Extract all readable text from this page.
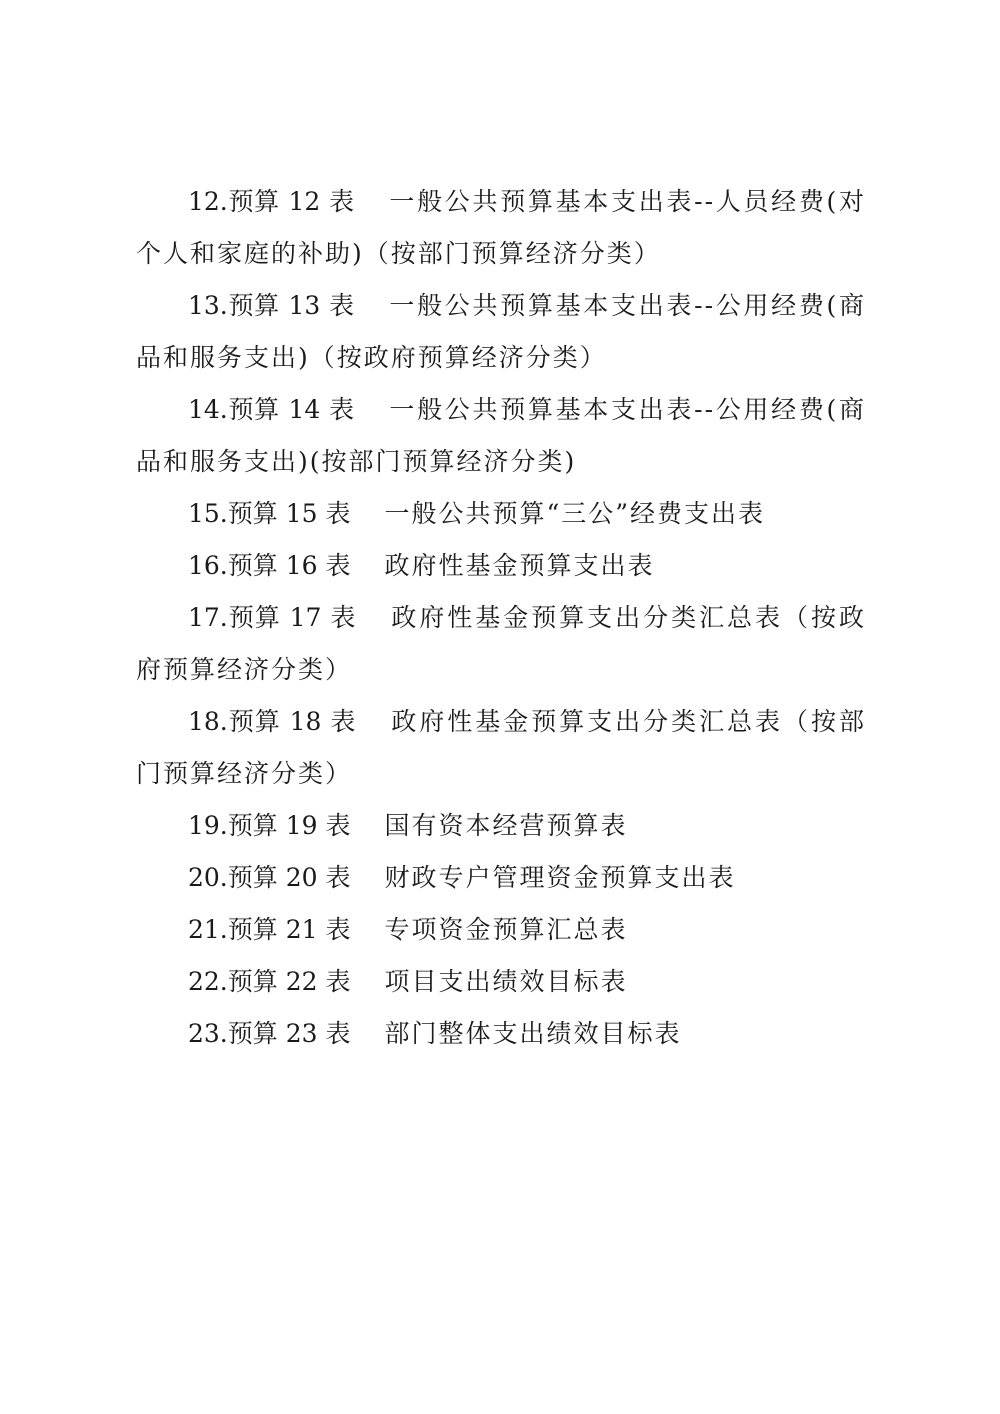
12.预算 12 表 一般公共预算基本支出表--人员经费(对个人和家庭的补助)（按部门预算经济分类）

13.预算 13 表 一般公共预算基本支出表--公用经费(商品和服务支出)（按政府预算经济分类）

14.预算 14 表 一般公共预算基本支出表--公用经费(商品和服务支出)(按部门预算经济分类)

15.预算 15 表 一般公共预算“三公”经费支出表

16.预算 16 表 政府性基金预算支出表

17.预算 17 表 政府性基金预算支出分类汇总表（按政府预算经济分类）

18.预算 18 表 政府性基金预算支出分类汇总表（按部门预算经济分类）

19.预算 19 表 国有资本经营预算表

20.预算 20 表 财政专户管理资金预算支出表

21.预算 21 表 专项资金预算汇总表

22.预算 22 表 项目支出绩效目标表

23.预算 23 表 部门整体支出绩效目标表
